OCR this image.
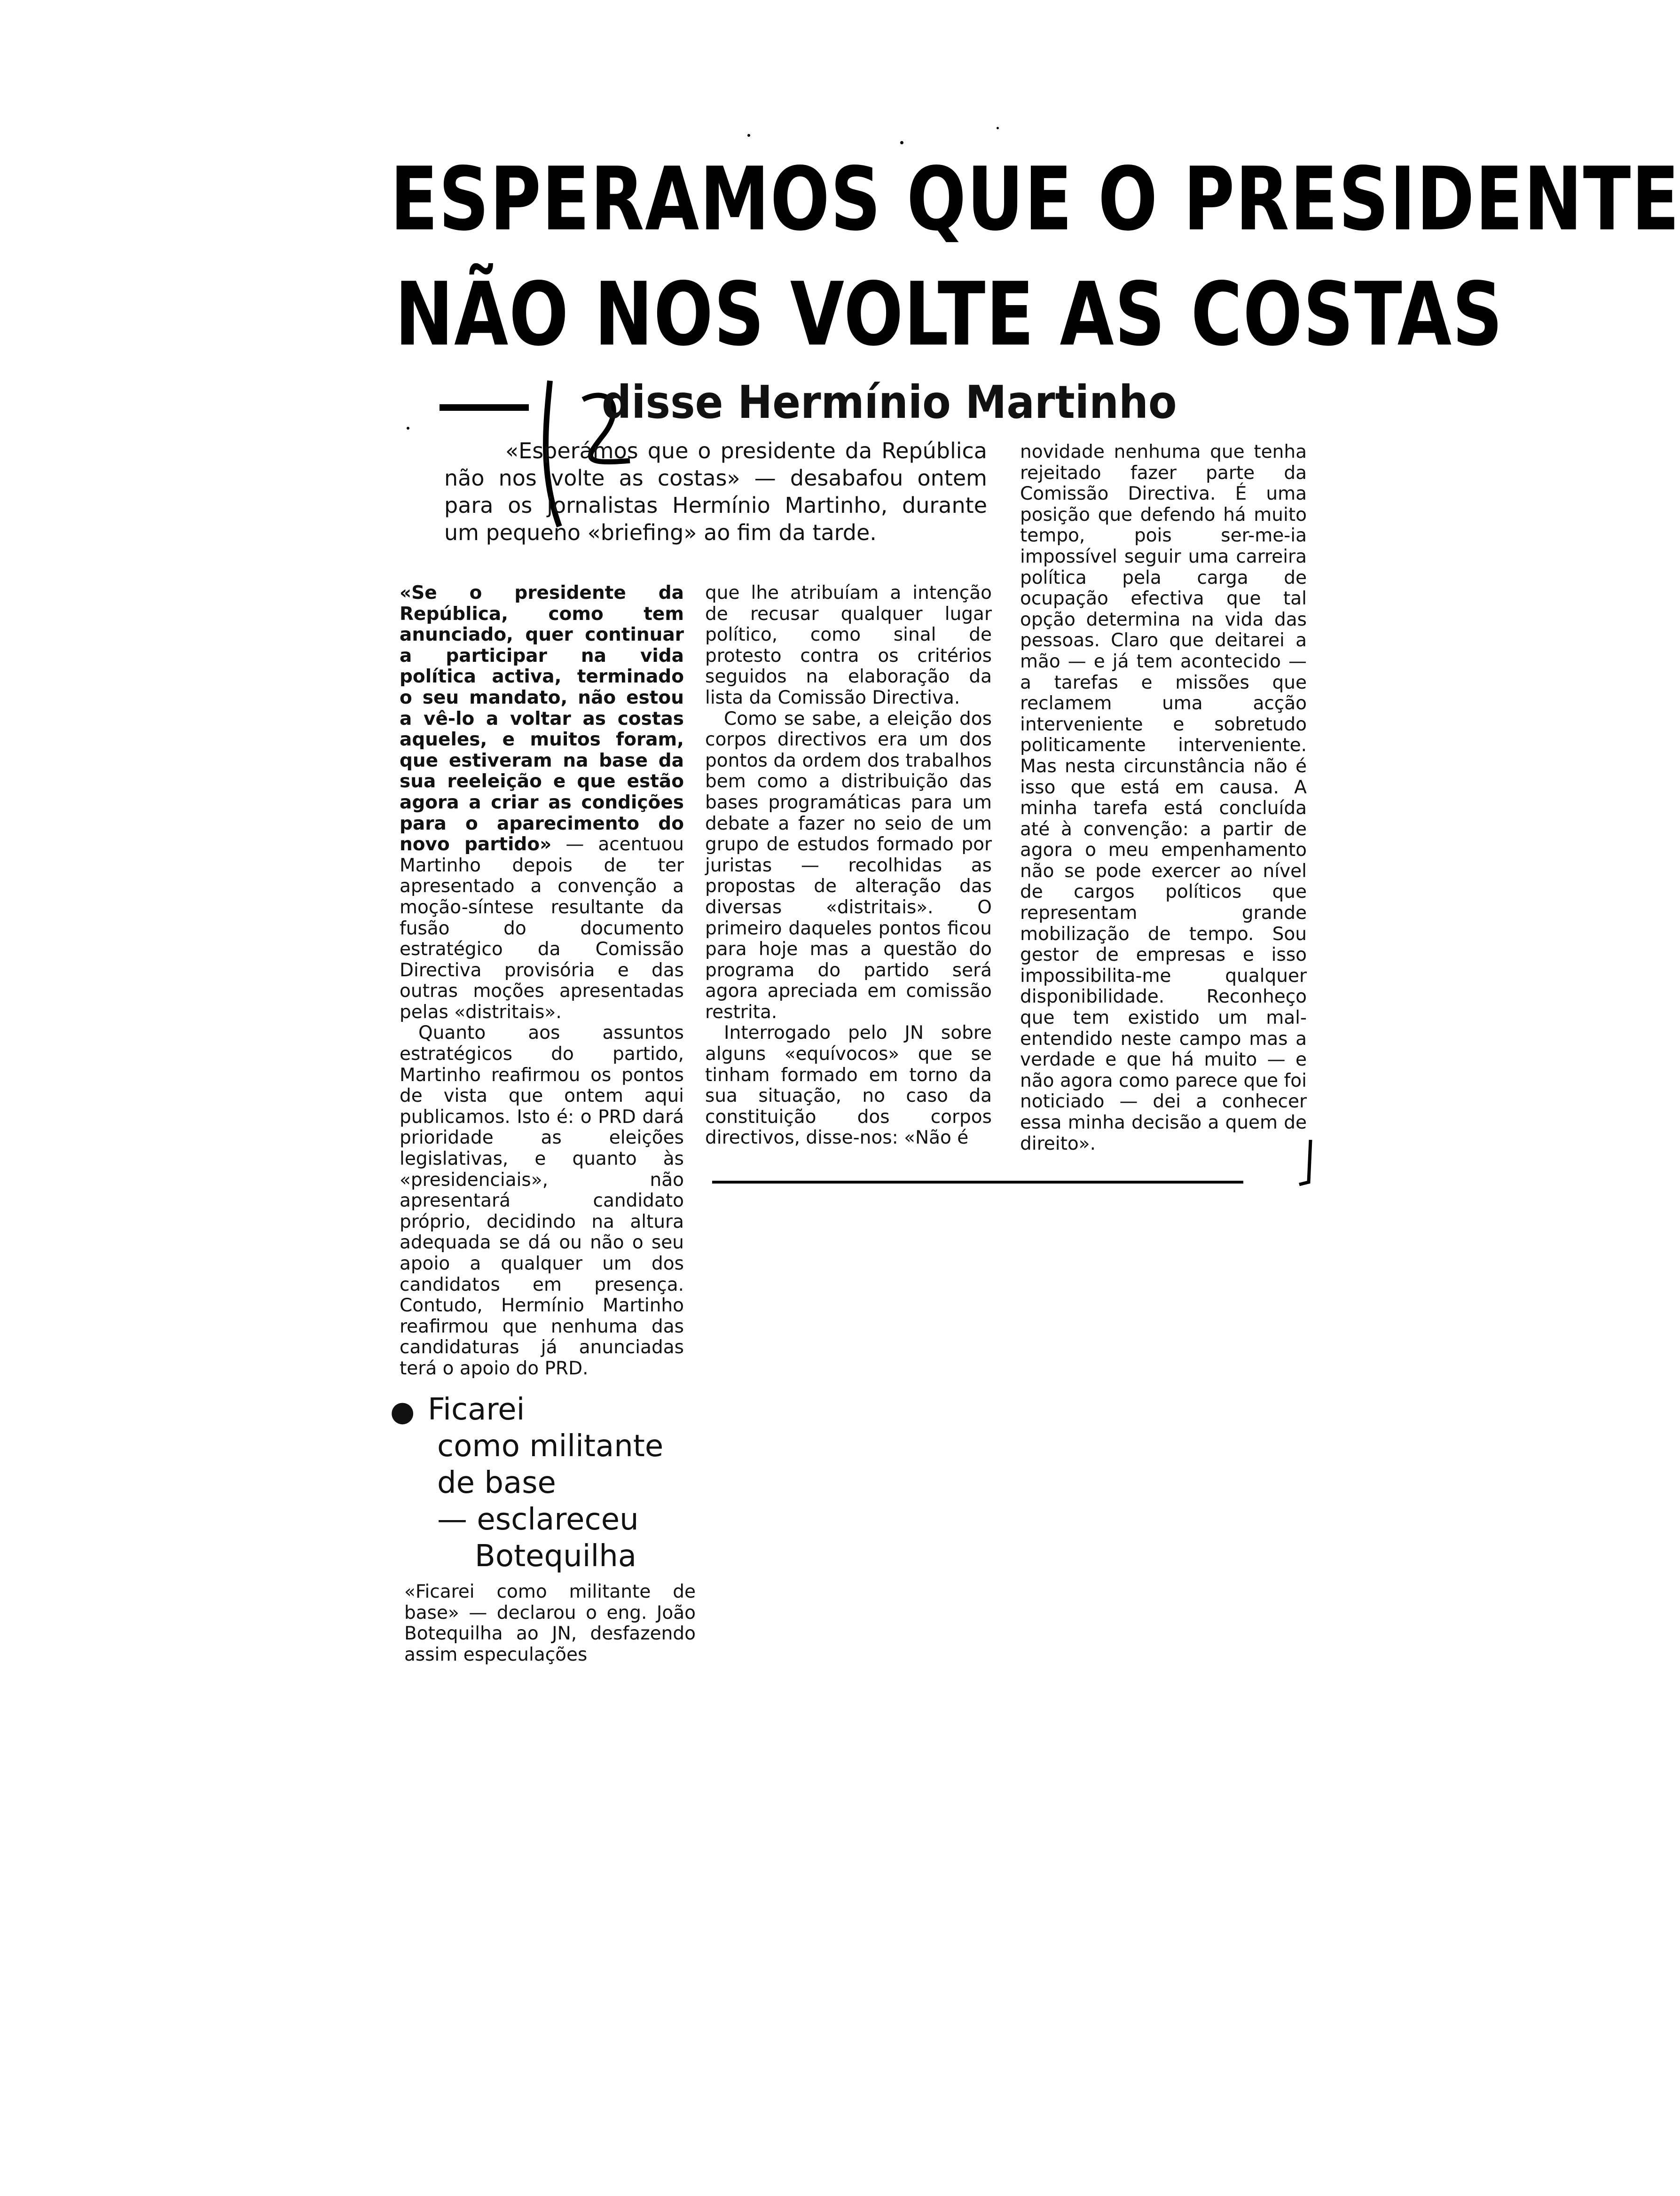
ESPERAMOS QUE O PRESIDENTE
NÃO NOS VOLTE AS COSTAS
disse Hermínio Martinho

«Esperámos que o presidente da República não nos volte as costas» — desabafou ontem para os jornalistas Hermínio Martinho, durante um pequeno «briefing» ao fim da tarde.

«Se o presidente da República, como tem anunciado, quer continuar a participar na vida política activa, terminado o seu mandato, não estou a vê-lo a voltar as costas aqueles, e muitos foram, que estiveram na base da sua reeleição e que estão agora a criar as condições para o aparecimento do novo partido» — acentuou Martinho depois de ter apresentado a convenção a moção-síntese resultante da fusão do documento estratégico da Comissão Directiva provisória e das outras moções apresentadas pelas «distritais».

Quanto aos assuntos estratégicos do partido, Martinho reafirmou os pontos de vista que ontem aqui publicamos. Isto é: o PRD dará prioridade as eleições legislativas, e quanto às «presidenciais», não apresentará candidato próprio, decidindo na altura adequada se dá ou não o seu apoio a qualquer um dos candidatos em presença. Contudo, Hermínio Martinho reafirmou que nenhuma das candidaturas já anunciadas terá o apoio do PRD.

que lhe atribuíam a intenção de recusar qualquer lugar político, como sinal de protesto contra os critérios seguidos na elaboração da lista da Comissão Directiva.

Como se sabe, a eleição dos corpos directivos era um dos pontos da ordem dos trabalhos bem como a distribuição das bases programáticas para um debate a fazer no seio de um grupo de estudos formado por juristas — recolhidas as propostas de alteração das diversas «distritais». O primeiro daqueles pontos ficou para hoje mas a questão do programa do partido será agora apreciada em comissão restrita.

Interrogado pelo JN sobre alguns «equívocos» que se tinham formado em torno da sua situação, no caso da constituição dos corpos directivos, disse-nos: «Não é

novidade nenhuma que tenha rejeitado fazer parte da Comissão Directiva. É uma posição que defendo há muito tempo, pois ser-me-ia impossível seguir uma carreira política pela carga de ocupação efectiva que tal opção determina na vida das pessoas. Claro que deitarei a mão — e já tem acontecido — a tarefas e missões que reclamem uma acção interveniente e sobretudo politicamente interveniente. Mas nesta circunstância não é isso que está em causa. A minha tarefa está concluída até à convenção: a partir de agora o meu empenhamento não se pode exercer ao nível de cargos políticos que representam grande mobilização de tempo. Sou gestor de empresas e isso impossibilita-me qualquer disponibilidade. Reconheço que tem existido um mal-entendido neste campo mas a verdade e que há muito — e não agora como parece que foi noticiado — dei a conhecer essa minha decisão a quem de direito».

● Ficarei
como militante
de base
— esclareceu
Botequilha

«Ficarei como militante de base» — declarou o eng. João Botequilha ao JN, desfazendo assim especulações
